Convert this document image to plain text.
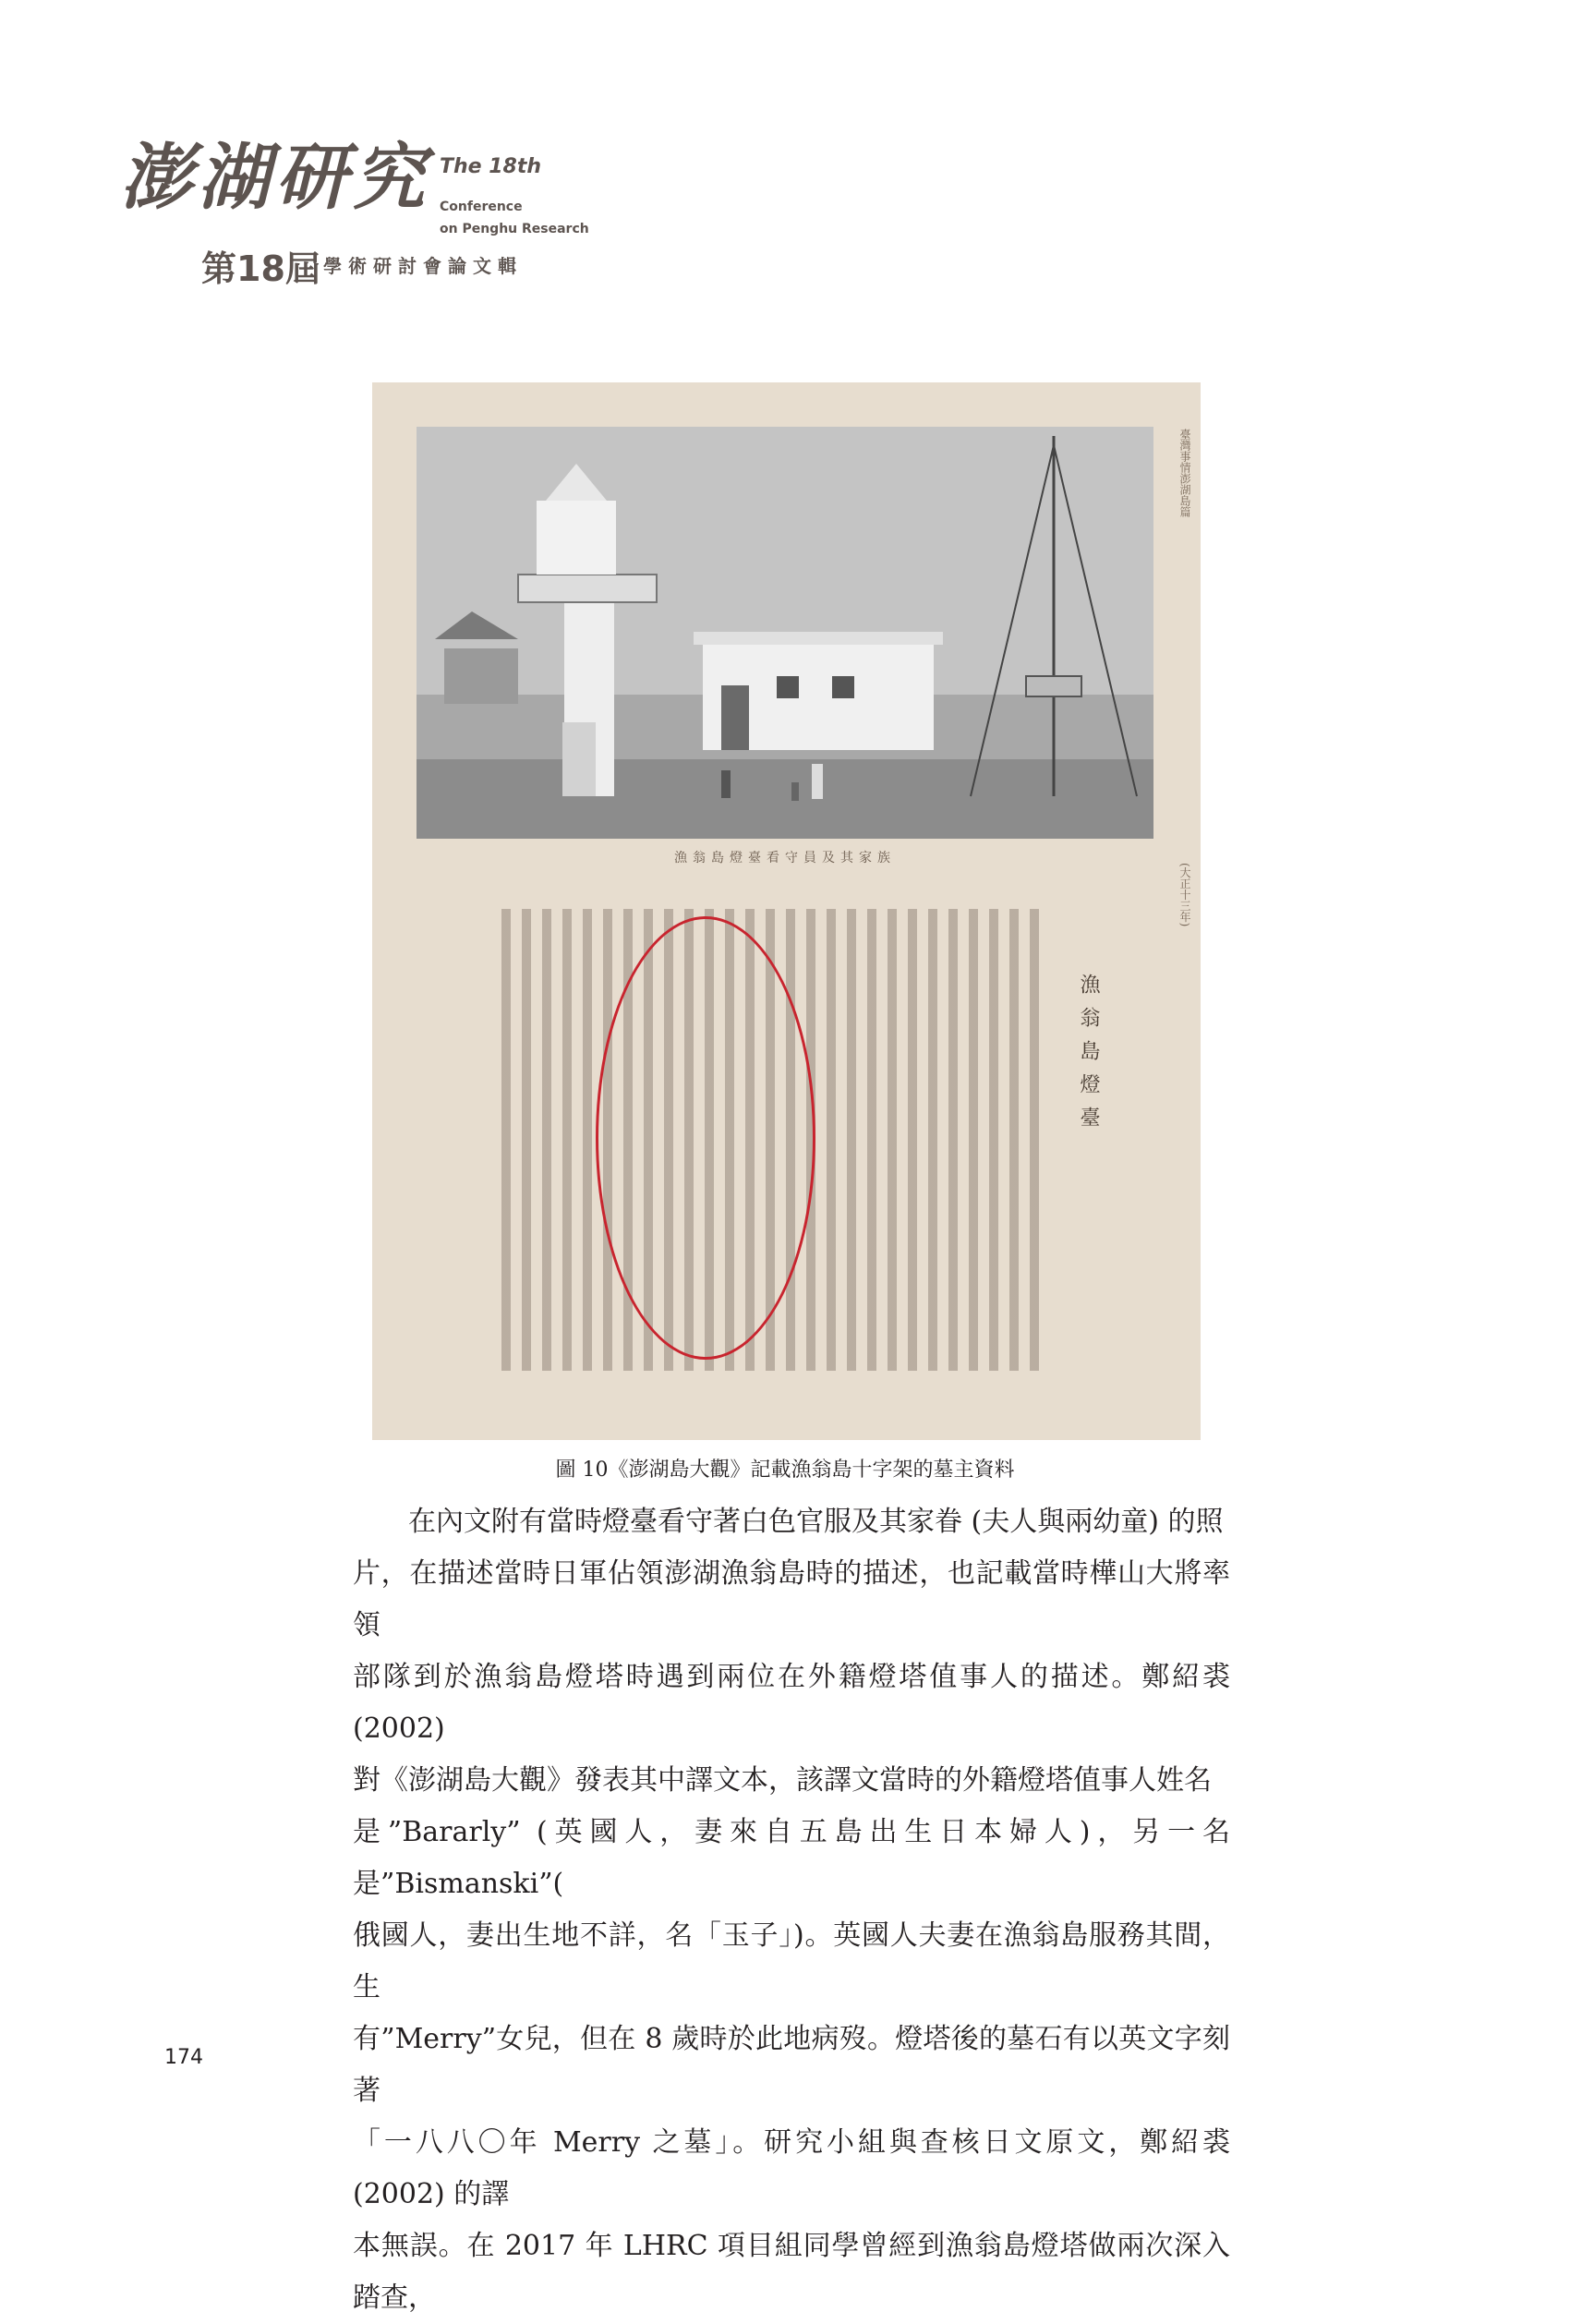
澎湖研究 The 18th
Conference
on Penghu Research
第18屆 學術研討會論文輯
漁翁島燈臺看守員及其家族
臺灣事情澎湖島篇
(大正十三年)
漁翁島燈臺
圖 10《澎湖島大觀》記載漁翁島十字架的墓主資料

　　在內文附有當時燈臺看守著白色官服及其家眷 (夫人與兩幼童) 的照

片，在描述當時日軍佔領澎湖漁翁島時的描述，也記載當時樺山大將率領

部隊到於漁翁島燈塔時遇到兩位在外籍燈塔值事人的描述。鄭紹裘 (2002)

對《澎湖島大觀》發表其中譯文本，該譯文當時的外籍燈塔值事人姓名

是”Bararly” (英國人，妻來自五島出生日本婦人)，另一名是”Bismanski”(

俄國人，妻出生地不詳，名「玉子」)。英國人夫妻在漁翁島服務其間，生

有”Merry”女兒，但在 8 歲時於此地病歿。燈塔後的墓石有以英文字刻著

「一八八〇年 Merry 之墓」。研究小組與查核日文原文，鄭紹裘 (2002) 的譯

本無誤。在 2017 年 LHRC 項目組同學曾經到漁翁島燈塔做兩次深入踏查，

174
